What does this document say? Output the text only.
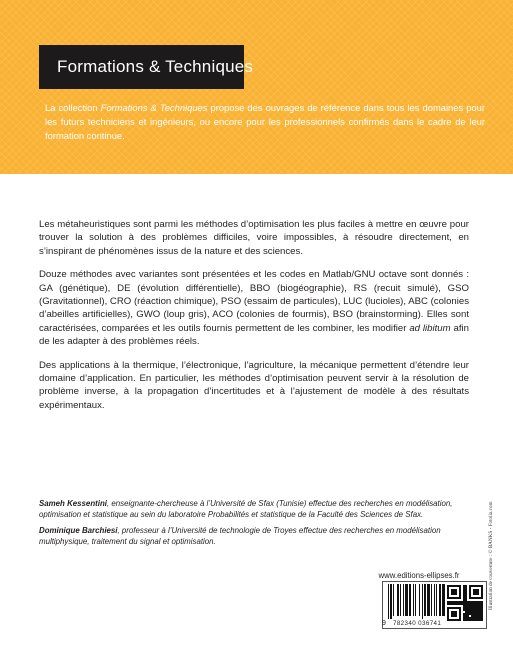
Formations & Techniques
La collection Formations & Techniques propose des ouvrages de référence dans tous les domaines pour les futurs techniciens et ingénieurs, ou encore pour les professionnels confirmés dans le cadre de leur formation continue.

Les métaheuristiques sont parmi les méthodes d’optimisation les plus faciles à mettre en œuvre pour trouver la solution à des problèmes difficiles, voire impossibles, à résoudre directement, en s’inspirant de phénomènes issus de la nature et des sciences.

Douze méthodes avec variantes sont présentées et les codes en Matlab/GNU octave sont donnés : GA (génétique), DE (évolution différentielle), BBO (biogéographie), RS (recuit simulé), GSO (Gravitationnel), CRO (réaction chimique), PSO (essaim de particules), LUC (lucioles), ABC (colonies d’abeilles artificielles), GWO (loup gris), ACO (colonies de fourmis), BSO (brainstorming). Elles sont caractérisées, comparées et les outils fournis permettent de les combiner, les modifier ad libitum afin de les adapter à des problèmes réels.

Des applications à la thermique, l’électronique, l’agriculture, la mécanique permettent d’étendre leur domaine d’application. En particulier, les méthodes d’optimisation peuvent servir à la résolution de problème inverse, à la propagation d’incertitudes et à l’ajustement de modèle à des résultats expérimentaux.

Sameh Kessentini, enseignante-chercheuse à l’Université de Sfax (Tunisie) effectue des recherches en modélisation, optimisation et statistique au sein du laboratoire Probabilités et statistique de la Faculté des Sciences de Sfax.

Dominique Barchiesi, professeur à l’Université de technologie de Troyes effectue des recherches en modélisation multiphysique, traitement du signal et optimisation.	Illustration de couverture : © BANKS - Fotolia.com
www.editions-ellipses.fr
9 782340 036741
